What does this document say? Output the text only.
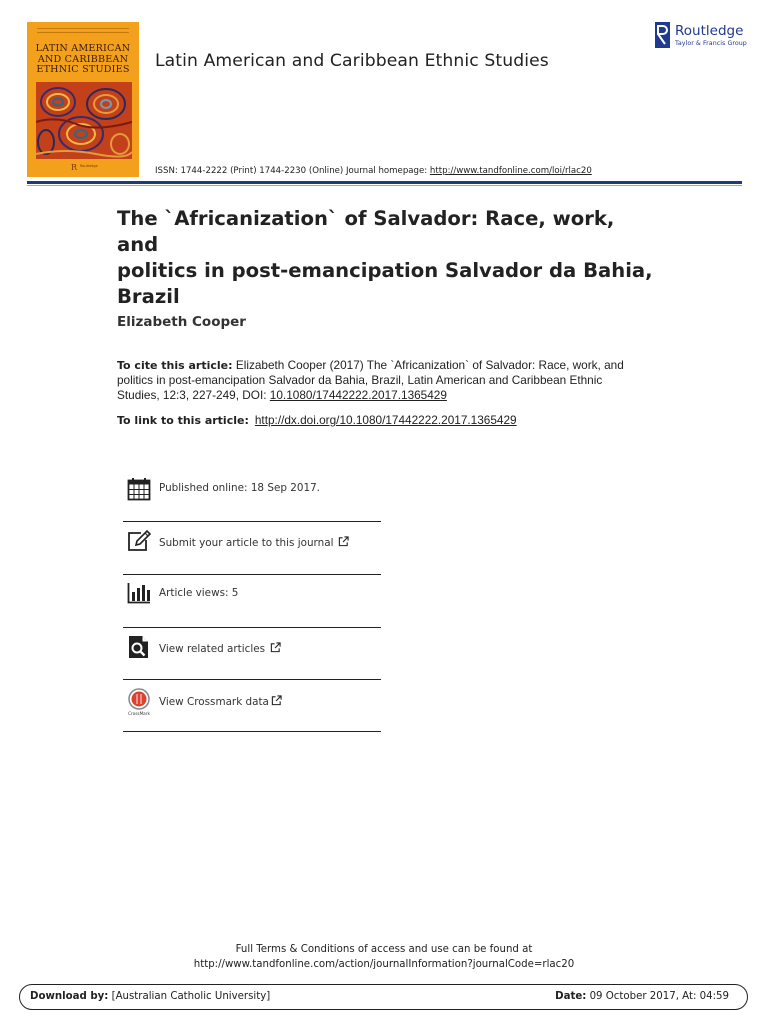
LATIN AMERICAN
AND CARIBBEAN
ETHNIC STUDIES
R Routledge
Latin American and Caribbean Ethnic Studies
Routledge
Taylor & Francis Group
ISSN: 1744-2222 (Print) 1744-2230 (Online) Journal homepage: http://www.tandfonline.com/loi/rlac20
The `Africanization` of Salvador: Race, work, and
politics in post-emancipation Salvador da Bahia,
Brazil
Elizabeth Cooper
To cite this article: Elizabeth Cooper (2017) The `Africanization` of Salvador: Race, work, and politics in post-emancipation Salvador da Bahia, Brazil, Latin American and Caribbean Ethnic Studies, 12:3, 227-249, DOI: 10.1080/17442222.2017.1365429
To link to this article: http://dx.doi.org/10.1080/17442222.2017.1365429
Published online: 18 Sep 2017.
Submit your article to this journal
Article views: 5
View related articles
CrossMark
View Crossmark data
Full Terms & Conditions of access and use can be found at
http://www.tandfonline.com/action/journalInformation?journalCode=rlac20
Download by: [Australian Catholic University]	Date: 09 October 2017, At: 04:59
